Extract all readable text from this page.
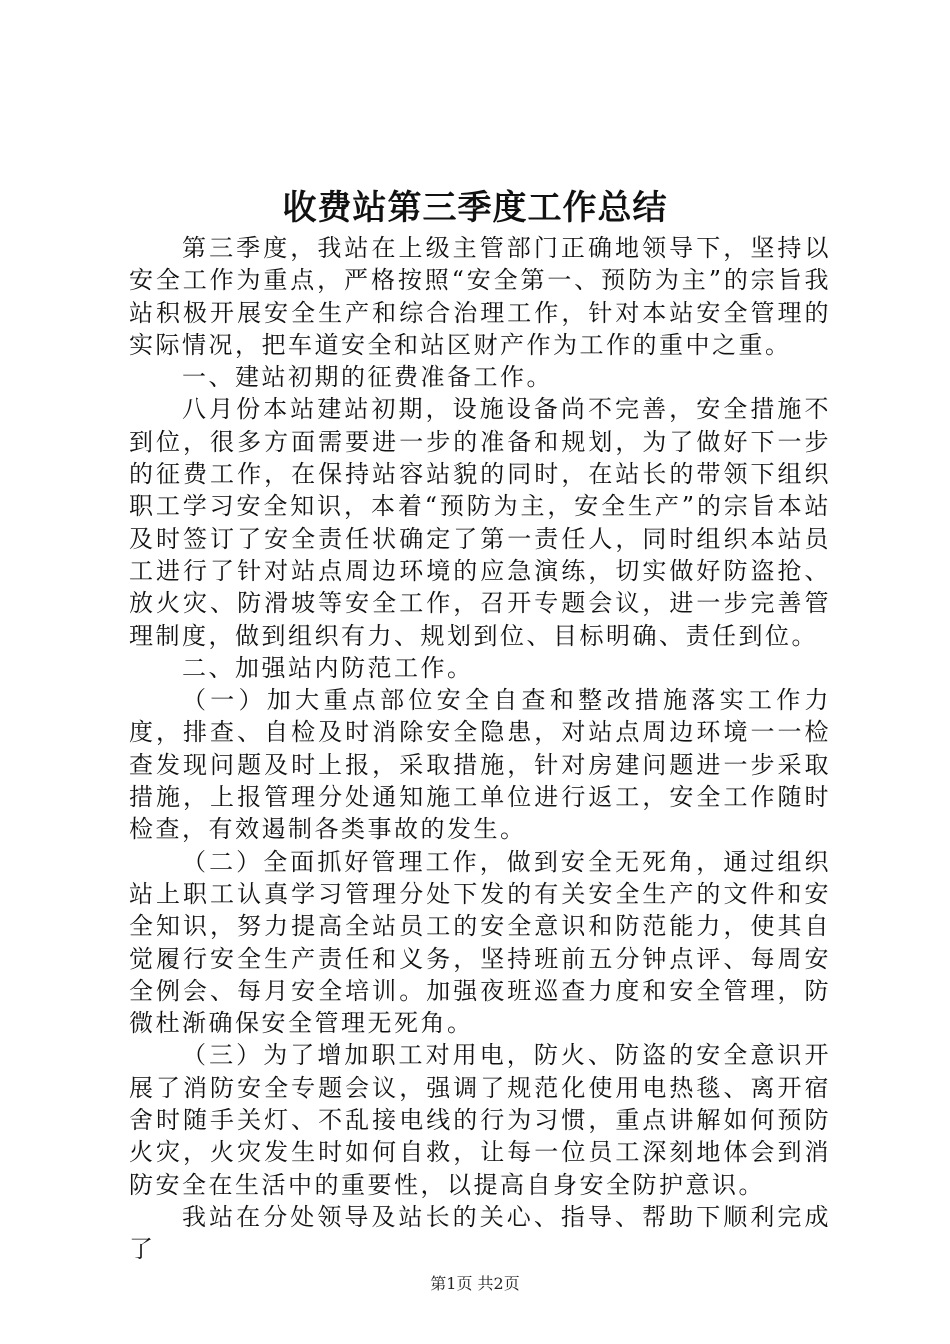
收费站第三季度工作总结

第三季度，我站在上级主管部门正确地领导下，坚持以安全工作为重点，严格按照“安全第一、预防为主”的宗旨我站积极开展安全生产和综合治理工作，针对本站安全管理的实际情况，把车道安全和站区财产作为工作的重中之重。

一、建站初期的征费准备工作。

八月份本站建站初期，设施设备尚不完善，安全措施不到位，很多方面需要进一步的准备和规划，为了做好下一步的征费工作，在保持站容站貌的同时，在站长的带领下组织职工学习安全知识，本着“预防为主，安全生产”的宗旨本站及时签订了安全责任状确定了第一责任人，同时组织本站员工进行了针对站点周边环境的应急演练，切实做好防盗抢、放火灾、防滑坡等安全工作，召开专题会议，进一步完善管理制度，做到组织有力、规划到位、目标明确、责任到位。

二、加强站内防范工作。

（一）加大重点部位安全自查和整改措施落实工作力度，排查、自检及时消除安全隐患，对站点周边环境一一检查发现问题及时上报，采取措施，针对房建问题进一步采取措施，上报管理分处通知施工单位进行返工，安全工作随时检查，有效遏制各类事故的发生。

（二）全面抓好管理工作，做到安全无死角，通过组织站上职工认真学习管理分处下发的有关安全生产的文件和安全知识，努力提高全站员工的安全意识和防范能力，使其自觉履行安全生产责任和义务，坚持班前五分钟点评、每周安全例会、每月安全培训。加强夜班巡查力度和安全管理，防微杜渐确保安全管理无死角。

（三）为了增加职工对用电，防火、防盗的安全意识开展了消防安全专题会议，强调了规范化使用电热毯、离开宿舍时随手关灯、不乱接电线的行为习惯，重点讲解如何预防火灾，火灾发生时如何自救，让每一位员工深刻地体会到消防安全在生活中的重要性，以提高自身安全防护意识。

我站在分处领导及站长的关心、指导、帮助下顺利完成了

第1页 共2页
